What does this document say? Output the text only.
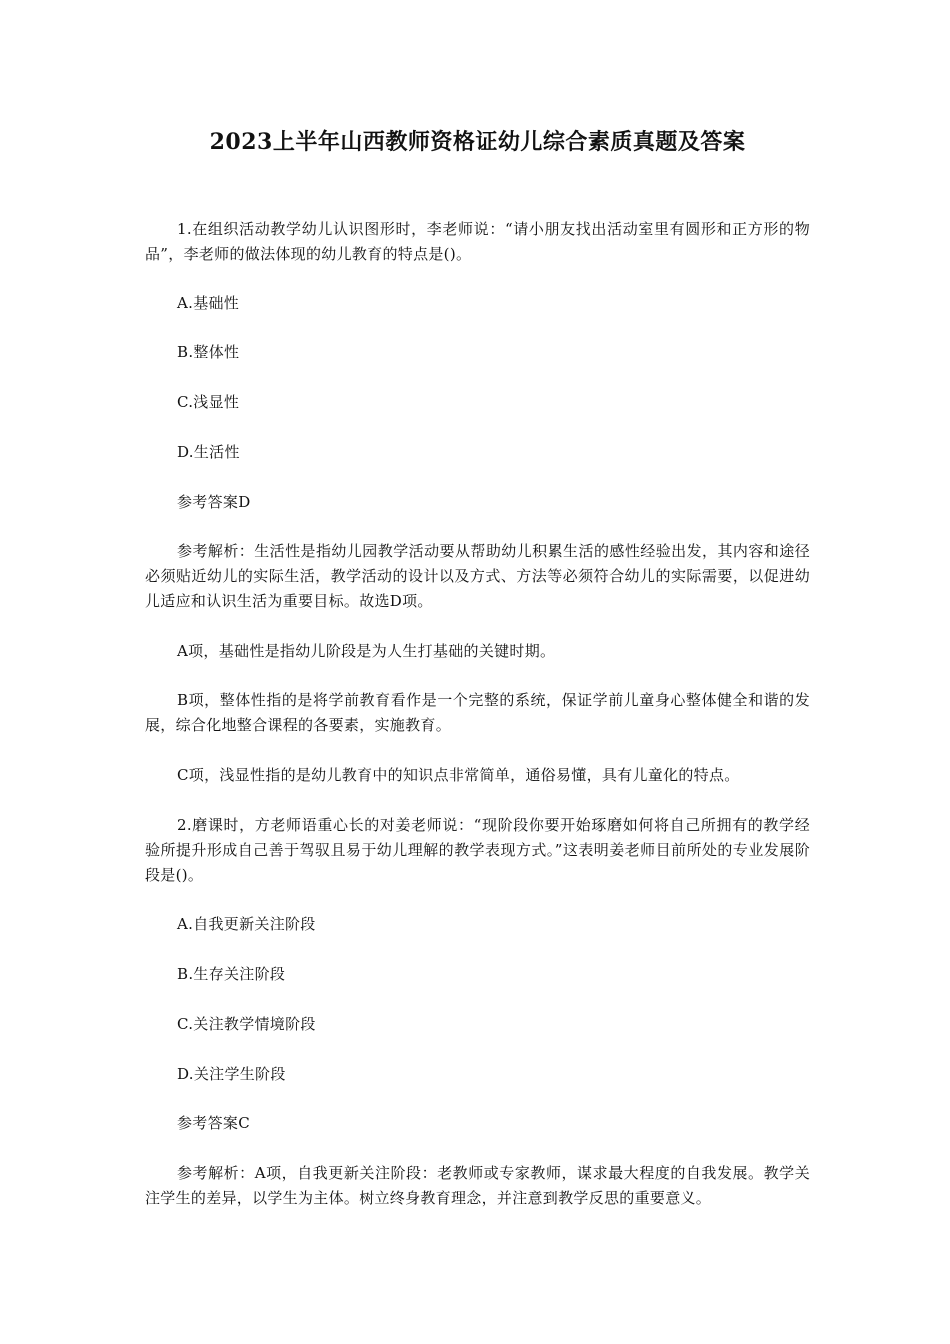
2023上半年山西教师资格证幼儿综合素质真题及答案

1.在组织活动教学幼儿认识图形时，李老师说：“请小朋友找出活动室里有圆形和正方形的物品”，李老师的做法体现的幼儿教育的特点是()。

A.基础性

B.整体性

C.浅显性

D.生活性

参考答案D

参考解析：生活性是指幼儿园教学活动要从帮助幼儿积累生活的感性经验出发，其内容和途径必须贴近幼儿的实际生活，教学活动的设计以及方式、方法等必须符合幼儿的实际需要，以促进幼儿适应和认识生活为重要目标。故选D项。

A项，基础性是指幼儿阶段是为人生打基础的关键时期。

B项，整体性指的是将学前教育看作是一个完整的系统，保证学前儿童身心整体健全和谐的发展，综合化地整合课程的各要素，实施教育。

C项，浅显性指的是幼儿教育中的知识点非常简单，通俗易懂，具有儿童化的特点。

2.磨课时，方老师语重心长的对姜老师说：“现阶段你要开始琢磨如何将自己所拥有的教学经验所提升形成自己善于驾驭且易于幼儿理解的教学表现方式。”这表明姜老师目前所处的专业发展阶段是()。

A.自我更新关注阶段

B.生存关注阶段

C.关注教学情境阶段

D.关注学生阶段

参考答案C

参考解析：A项，自我更新关注阶段：老教师或专家教师，谋求最大程度的自我发展。教学关注学生的差异，以学生为主体。树立终身教育理念，并注意到教学反思的重要意义。
